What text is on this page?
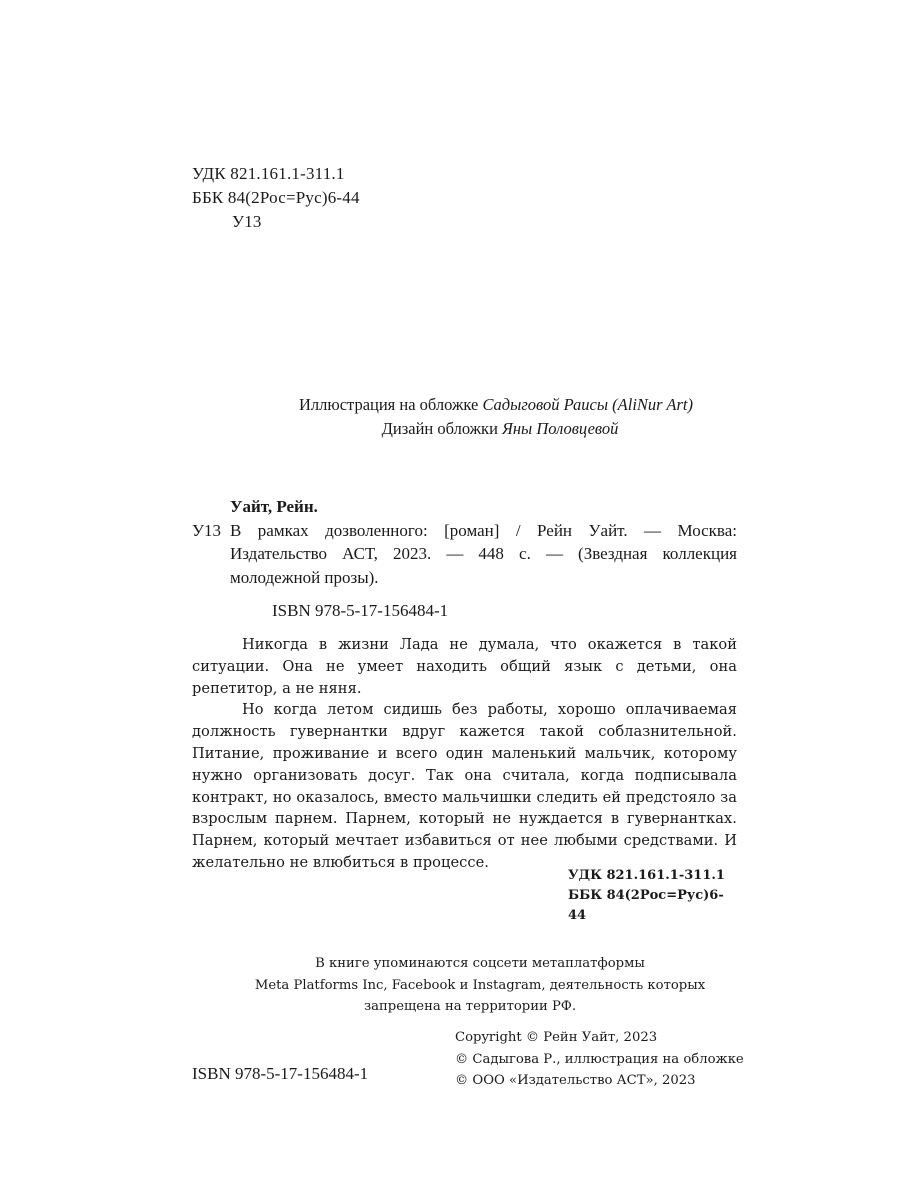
УДК 821.161.1-311.1
ББК 84(2Рос=Рус)6-44
У13
Иллюстрация на обложке Садыговой Раисы (AliNur Art)
Дизайн обложки Яны Половцевой
Уайт, Рейн.
У13 В рамках дозволенного: [роман] / Рейн Уайт. — Москва: Издательство АСТ, 2023. — 448 с. — (Звездная коллекция молодежной прозы).
ISBN 978-5-17-156484-1

Никогда в жизни Лада не думала, что окажется в такой ситуации. Она не умеет находить общий язык с детьми, она репетитор, а не няня.

Но когда летом сидишь без работы, хорошо оплачиваемая должность гувернантки вдруг кажется такой соблазнительной. Питание, проживание и всего один маленький мальчик, которому нужно организовать досуг. Так она считала, когда подписывала контракт, но оказалось, вместо мальчишки следить ей предстояло за взрослым парнем. Парнем, который не нуждается в гувернантках. Парнем, который мечтает избавиться от нее любыми средствами. И желательно не влюбиться в процессе.

УДК 821.161.1-311.1
ББК 84(2Рос=Рус)6-44
В книге упоминаются соцсети метаплатформы
Meta Platforms Inc, Facebook и Instagram, деятельность которых
запрещена на территории РФ.
Copyright © Рейн Уайт, 2023
© Садыгова Р., иллюстрация на обложке
© ООО «Издательство АСТ», 2023
ISBN 978-5-17-156484-1
